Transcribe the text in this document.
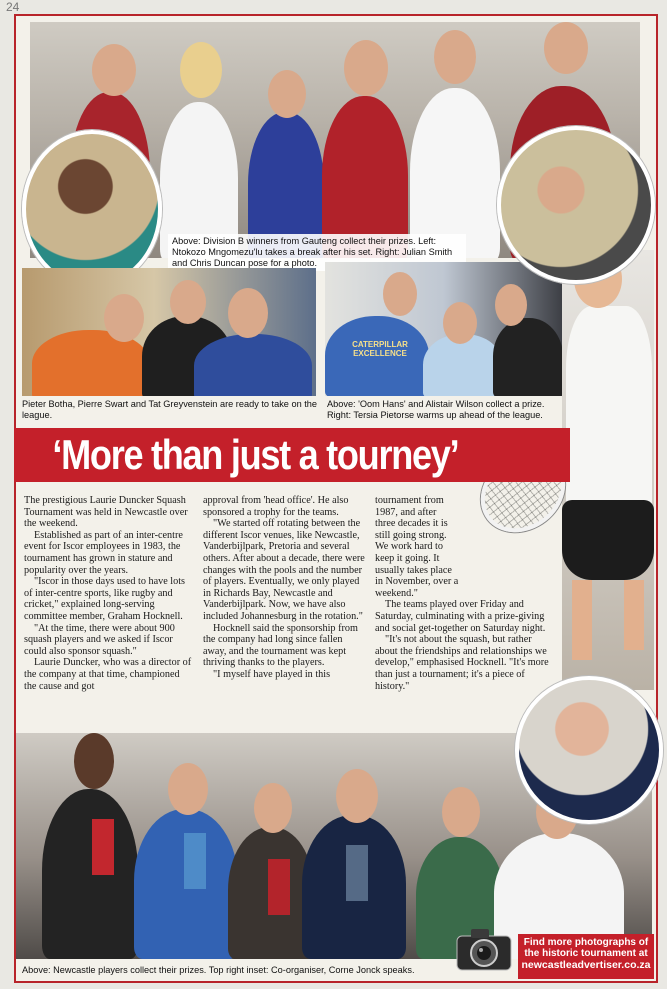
24
Above: Division B winners from Gauteng collect their prizes. Left: Ntokozo Mngomezu'lu takes a break after his set. Right: Julian Smith and Chris Duncan pose for a photo.
Pieter Botha, Pierre Swart and Tat Greyvenstein are ready to take on the league.
CATERPILLAR EXCELLENCE
Above: 'Oom Hans' and Alistair Wilson collect a prize. Right: Tersia Pietorse warms up ahead of the league.
‘More than just a tourney’

The prestigious Laurie Duncker Squash Tournament was held in Newcastle over the weekend.

Established as part of an inter-centre event for Iscor employees in 1983, the tournament has grown in stature and popularity over the years.

"Iscor in those days used to have lots of inter-centre sports, like rugby and cricket," explained long-serving committee member, Graham Hocknell.

"At the time, there were about 900 squash players and we asked if Iscor could also sponsor squash."

Laurie Duncker, who was a director of the company at that time, championed the cause and got

approval from 'head office'. He also sponsored a trophy for the teams.

"We started off rotating between the different Iscor venues, like Newcastle, Vanderbijlpark, Pretoria and several others. After about a decade, there were changes with the pools and the number of players. Eventually, we only played in Richards Bay, Newcastle and Vanderbijlpark. Now, we have also included Johannesburg in the rotation."

Hocknell said the sponsorship from the company had long since fallen away, and the tournament was kept thriving thanks to the players.

"I myself have played in this

tournament from 1987, and after three decades it is still going strong. We work hard to keep it going. It usually takes place in November, over a weekend."

The teams played over Friday and Saturday, culminating with a prize-giving and social get-together on Saturday night.

"It's not about the squash, but rather about the friendships and relationships we develop," emphasised Hocknell. "It's more than just a tournament; it's a piece of history."

Above: Newcastle players collect their prizes. Top right inset: Co-organiser, Corne Jonck speaks.
Find more photographs of
the historic tournament at
newcastleadvertiser.co.za
